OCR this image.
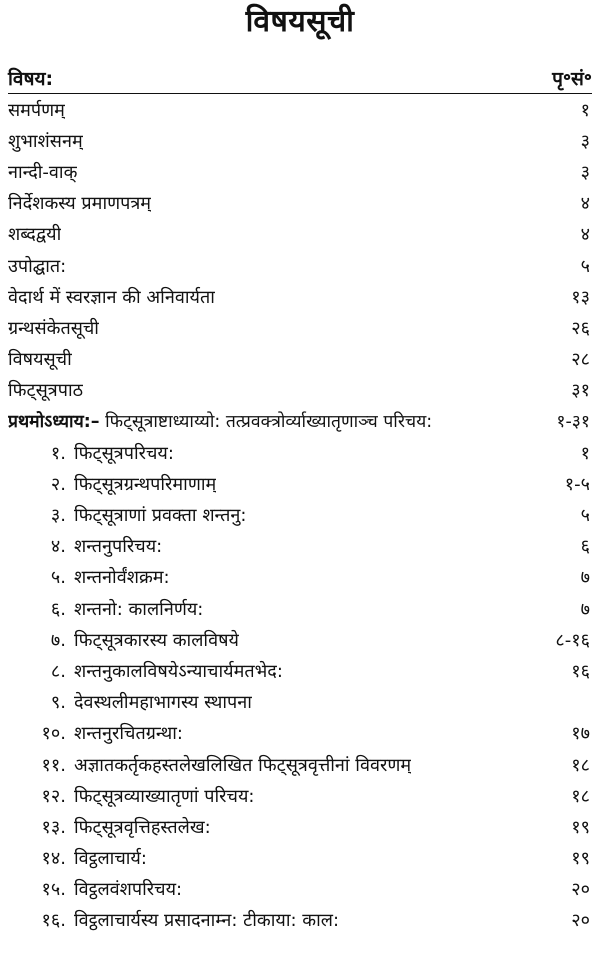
विषयसूची
विषय:	पृ॰सं॰
समर्पणम्	१
शुभाशंसनम्	३
नान्दी-वाक्	३
निर्देशकस्य प्रमाणपत्रम्	४
शब्दद्वयी	४
उपोद्घात:	५
वेदार्थ में स्वरज्ञान की अनिवार्यता	१३
ग्रन्थसंकेतसूची	२६
विषयसूची	२८
फिट्सूत्रपाठ	३१
प्रथमोऽध्याय:– फिट्सूत्राष्टाध्याय्यो: तत्प्रवक्त्रोर्व्याख्यातृणाञ्च परिचय:	१-३१
१. फिट्सूत्रपरिचय:	१
२. फिट्सूत्रग्रन्थपरिमाणाम्	१-५
३. फिट्सूत्राणां प्रवक्ता शन्तनु:	५
४. शन्तनुपरिचय:	६
५. शन्तनोर्वंशक्रम:	७
६. शन्तनो: कालनिर्णय:	७
७. फिट्सूत्रकारस्य कालविषये	८-१६
८. शन्तनुकालविषयेऽन्याचार्यमतभेद:	१६
९. देवस्थलीमहाभागस्य स्थापना
१०. शन्तनुरचितग्रन्था:	१७
११. अज्ञातकर्तृकहस्तलेखलिखित फिट्सूत्रवृत्तीनां विवरणम्	१८
१२. फिट्सूत्रव्याख्यातृणां परिचय:	१८
१३. फिट्सूत्रवृत्तिहस्तलेख:	१९
१४. विट्ठलाचार्य:	१९
१५. विट्ठलवंशपरिचय:	२०
१६. विट्ठलाचार्यस्य प्रसादनाम्न: टीकाया: काल:	२०
